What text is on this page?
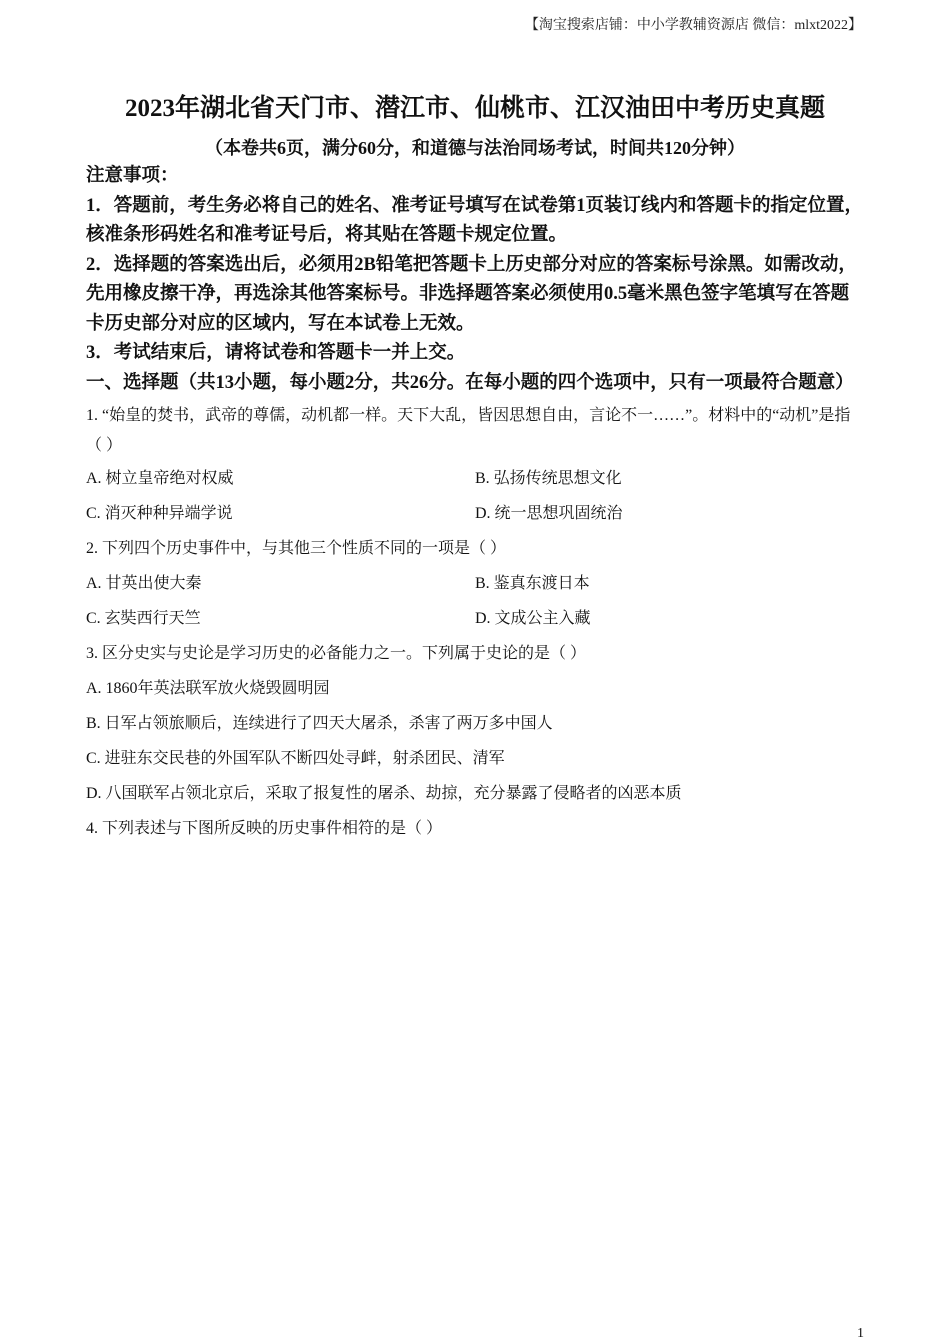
【淘宝搜索店铺：中小学教辅资源店 微信：mlxt2022】
2023年湖北省天门市、潜江市、仙桃市、江汉油田中考历史真题
（本卷共6页，满分60分，和道德与法治同场考试，时间共120分钟）
注意事项：
1．答题前，考生务必将自己的姓名、准考证号填写在试卷第1页装订线内和答题卡的指定位置，核准条形码姓名和准考证号后，将其贴在答题卡规定位置。
2．选择题的答案选出后，必须用2B铅笔把答题卡上历史部分对应的答案标号涂黑。如需改动，先用橡皮擦干净，再选涂其他答案标号。非选择题答案必须使用0.5毫米黑色签字笔填写在答题卡历史部分对应的区域内，写在本试卷上无效。
3．考试结束后，请将试卷和答题卡一并上交。
一、选择题（共13小题，每小题2分，共26分。在每小题的四个选项中，只有一项最符合题意）
1. “始皇的焚书，武帝的尊儒，动机都一样。天下大乱，皆因思想自由，言论不一……”。材料中的“动机”是指（ ）
A. 树立皇帝绝对权威	B. 弘扬传统思想文化
C. 消灭种种异端学说	D. 统一思想巩固统治
2. 下列四个历史事件中，与其他三个性质不同的一项是（ ）
A. 甘英出使大秦	B. 鉴真东渡日本
C. 玄奘西行天竺	D. 文成公主入藏
3. 区分史实与史论是学习历史的必备能力之一。下列属于史论的是（ ）
A. 1860年英法联军放火烧毁圆明园
B. 日军占领旅顺后，连续进行了四天大屠杀，杀害了两万多中国人
C. 进驻东交民巷的外国军队不断四处寻衅，射杀团民、清军
D. 八国联军占领北京后，采取了报复性的屠杀、劫掠，充分暴露了侵略者的凶恶本质
4. 下列表述与下图所反映的历史事件相符的是（ ）
1
